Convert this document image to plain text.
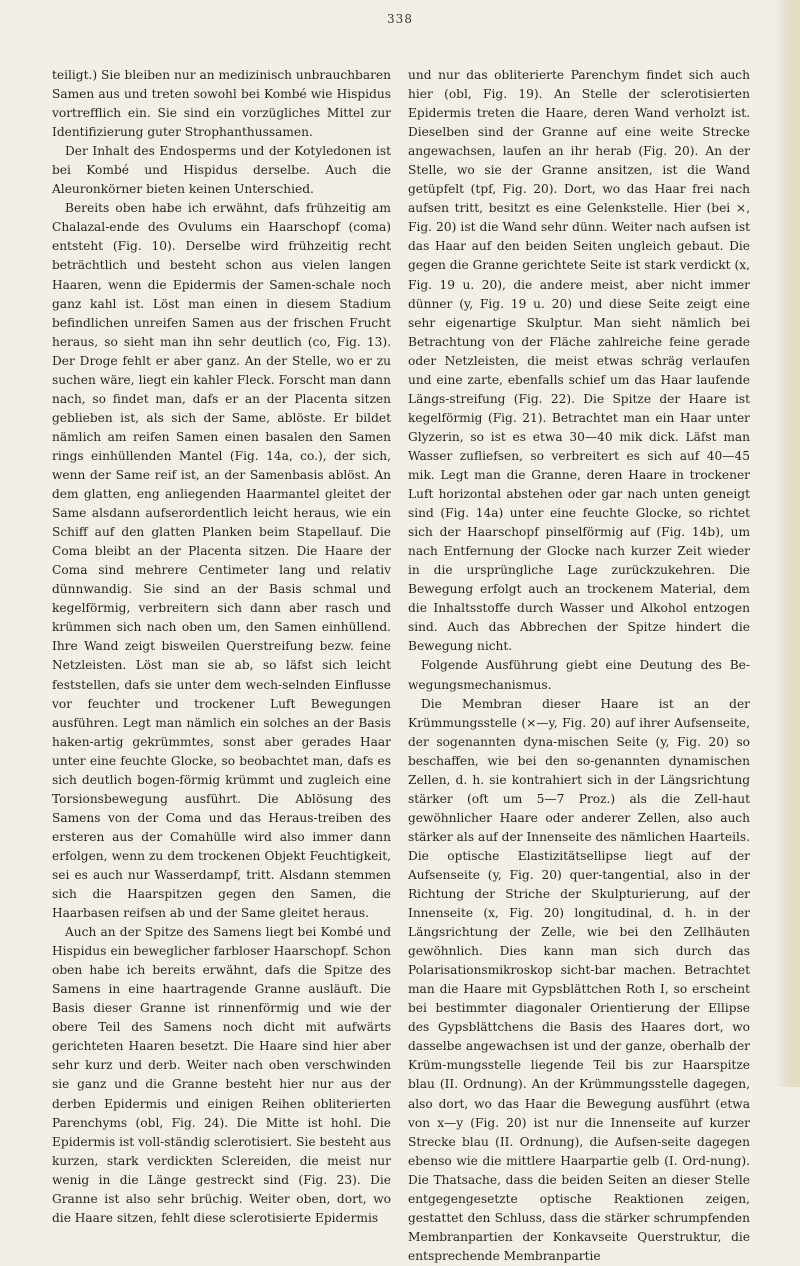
338

teiligt.) Sie bleiben nur an medizinisch unbrauchbaren Samen aus und treten sowohl bei Kombé wie Hispidus vortrefflich ein. Sie sind ein vorzügliches Mittel zur Identifizierung guter Strophanthussamen.

Der Inhalt des Endosperms und der Kotyledonen ist bei Kombé und Hispidus derselbe. Auch die Aleuronkörner bieten keinen Unterschied.

Bereits oben habe ich erwähnt, dafs frühzeitig am Chalazal-ende des Ovulums ein Haarschopf (coma) entsteht (Fig. 10). Derselbe wird frühzeitig recht beträchtlich und besteht schon aus vielen langen Haaren, wenn die Epidermis der Samen-schale noch ganz kahl ist. Löst man einen in diesem Stadium befindlichen unreifen Samen aus der frischen Frucht heraus, so sieht man ihn sehr deutlich (co, Fig. 13). Der Droge fehlt er aber ganz. An der Stelle, wo er zu suchen wäre, liegt ein kahler Fleck. Forscht man dann nach, so findet man, dafs er an der Placenta sitzen geblieben ist, als sich der Same, ablöste. Er bildet nämlich am reifen Samen einen basalen den Samen rings einhüllenden Mantel (Fig. 14a, co.), der sich, wenn der Same reif ist, an der Samenbasis ablöst. An dem glatten, eng anliegenden Haarmantel gleitet der Same alsdann aufserordentlich leicht heraus, wie ein Schiff auf den glatten Planken beim Stapellauf. Die Coma bleibt an der Placenta sitzen. Die Haare der Coma sind mehrere Centimeter lang und relativ dünnwandig. Sie sind an der Basis schmal und kegelförmig, verbreitern sich dann aber rasch und krümmen sich nach oben um, den Samen einhüllend. Ihre Wand zeigt bisweilen Querstreifung bezw. feine Netzleisten. Löst man sie ab, so läfst sich leicht feststellen, dafs sie unter dem wech-selnden Einflusse vor feuchter und trockener Luft Bewegungen ausführen. Legt man nämlich ein solches an der Basis haken-artig gekrümmtes, sonst aber gerades Haar unter eine feuchte Glocke, so beobachtet man, dafs es sich deutlich bogen-förmig krümmt und zugleich eine Torsionsbewegung ausführt. Die Ablösung des Samens von der Coma und das Heraus-treiben des ersteren aus der Comahülle wird also immer dann erfolgen, wenn zu dem trockenen Objekt Feuchtigkeit, sei es auch nur Wasserdampf, tritt. Alsdann stemmen sich die Haarspitzen gegen den Samen, die Haarbasen reifsen ab und der Same gleitet heraus.

Auch an der Spitze des Samens liegt bei Kombé und Hispidus ein beweglicher farbloser Haarschopf. Schon oben habe ich bereits erwähnt, dafs die Spitze des Samens in eine haartragende Granne ausläuft. Die Basis dieser Granne ist rinnenförmig und wie der obere Teil des Samens noch dicht mit aufwärts gerichteten Haaren besetzt. Die Haare sind hier aber sehr kurz und derb. Weiter nach oben verschwinden sie ganz und die Granne besteht hier nur aus der derben Epidermis und einigen Reihen obliterierten Parenchyms (obl, Fig. 24). Die Mitte ist hohl. Die Epidermis ist voll-ständig sclerotisiert. Sie besteht aus kurzen, stark verdickten Sclereiden, die meist nur wenig in die Länge gestreckt sind (Fig. 23). Die Granne ist also sehr brüchig. Weiter oben, dort, wo die Haare sitzen, fehlt diese sclerotisierte Epidermis

und nur das obliterierte Parenchym findet sich auch hier (obl, Fig. 19). An Stelle der sclerotisierten Epidermis treten die Haare, deren Wand verholzt ist. Dieselben sind der Granne auf eine weite Strecke angewachsen, laufen an ihr herab (Fig. 20). An der Stelle, wo sie der Granne ansitzen, ist die Wand getüpfelt (tpf, Fig. 20). Dort, wo das Haar frei nach aufsen tritt, besitzt es eine Gelenkstelle. Hier (bei ×, Fig. 20) ist die Wand sehr dünn. Weiter nach aufsen ist das Haar auf den beiden Seiten ungleich gebaut. Die gegen die Granne gerichtete Seite ist stark verdickt (x, Fig. 19 u. 20), die andere meist, aber nicht immer dünner (y, Fig. 19 u. 20) und diese Seite zeigt eine sehr eigenartige Skulptur. Man sieht nämlich bei Betrachtung von der Fläche zahlreiche feine gerade oder Netzleisten, die meist etwas schräg verlaufen und eine zarte, ebenfalls schief um das Haar laufende Längs-streifung (Fig. 22). Die Spitze der Haare ist kegelförmig (Fig. 21). Betrachtet man ein Haar unter Glyzerin, so ist es etwa 30—40 mik dick. Läfst man Wasser zufliefsen, so verbreitert es sich auf 40—45 mik. Legt man die Granne, deren Haare in trockener Luft horizontal abstehen oder gar nach unten geneigt sind (Fig. 14a) unter eine feuchte Glocke, so richtet sich der Haarschopf pinselförmig auf (Fig. 14b), um nach Entfernung der Glocke nach kurzer Zeit wieder in die ursprüngliche Lage zurückzukehren. Die Bewegung erfolgt auch an trockenem Material, dem die Inhaltsstoffe durch Wasser und Alkohol entzogen sind. Auch das Abbrechen der Spitze hindert die Bewegung nicht.

Folgende Ausführung giebt eine Deutung des Be-wegungsmechanismus.

Die Membran dieser Haare ist an der Krümmungsstelle (×—y, Fig. 20) auf ihrer Aufsenseite, der sogenannten dyna-mischen Seite (y, Fig. 20) so beschaffen, wie bei den so-genannten dynamischen Zellen, d. h. sie kontrahiert sich in der Längsrichtung stärker (oft um 5—7 Proz.) als die Zell-haut gewöhnlicher Haare oder anderer Zellen, also auch stärker als auf der Innenseite des nämlichen Haarteils. Die optische Elastizitätsellipse liegt auf der Aufsenseite (y, Fig. 20) quer-tangential, also in der Richtung der Striche der Skulpturierung, auf der Innenseite (x, Fig. 20) longitudinal, d. h. in der Längsrichtung der Zelle, wie bei den Zellhäuten gewöhnlich. Dies kann man sich durch das Polarisationsmikroskop sicht-bar machen. Betrachtet man die Haare mit Gypsblättchen Roth I, so erscheint bei bestimmter diagonaler Orientierung der Ellipse des Gypsblättchens die Basis des Haares dort, wo dasselbe angewachsen ist und der ganze, oberhalb der Krüm-mungsstelle liegende Teil bis zur Haarspitze blau (II. Ordnung). An der Krümmungsstelle dagegen, also dort, wo das Haar die Bewegung ausführt (etwa von x—y (Fig. 20) ist nur die Innenseite auf kurzer Strecke blau (II. Ordnung), die Aufsen-seite dagegen ebenso wie die mittlere Haarpartie gelb (I. Ord-nung). Die Thatsache, dass die beiden Seiten an dieser Stelle entgegengesetzte optische Reaktionen zeigen, gestattet den Schluss, dass die stärker schrumpfenden Membranpartien der Konkavseite Querstruktur, die entsprechende Membranpartie
